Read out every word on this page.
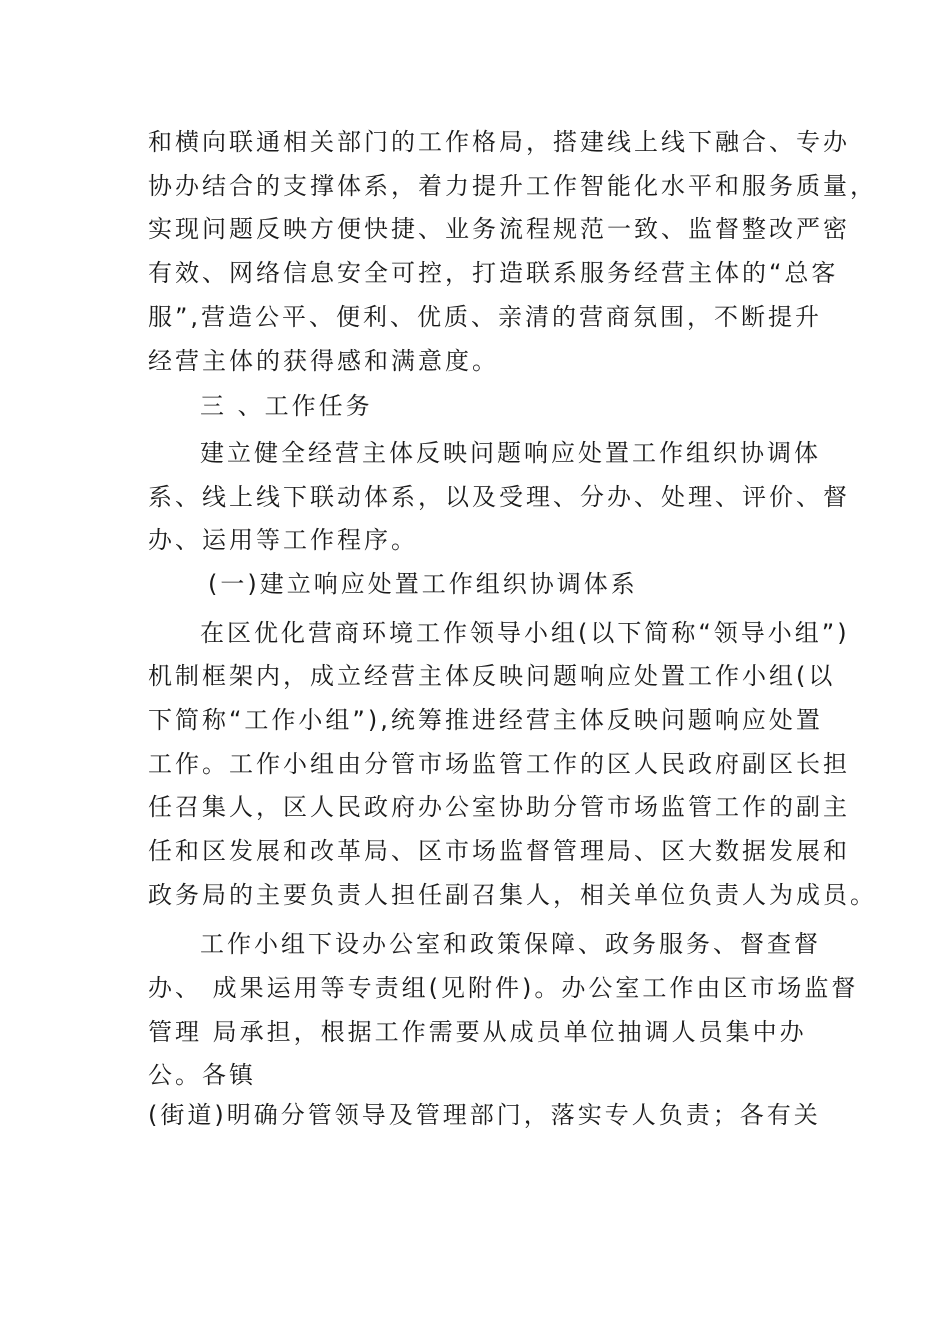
和横向联通相关部门的工作格局，搭建线上线下融合、专办

协办结合的支撑体系，着力提升工作智能化水平和服务质量，

实现问题反映方便快捷、业务流程规范一致、监督整改严密

有效、网络信息安全可控，打造联系服务经营主体的“总客

服”,营造公平、便利、优质、亲清的营商氛围，不断提升

经营主体的获得感和满意度。

三 、工作任务

建立健全经营主体反映问题响应处置工作组织协调体

系、线上线下联动体系，以及受理、分办、处理、评价、督

办、运用等工作程序。

(一)建立响应处置工作组织协调体系

在区优化营商环境工作领导小组(以下简称“领导小组”)

机制框架内，成立经营主体反映问题响应处置工作小组(以

下简称“工作小组”),统筹推进经营主体反映问题响应处置

工作。工作小组由分管市场监管工作的区人民政府副区长担

任召集人，区人民政府办公室协助分管市场监管工作的副主

任和区发展和改革局、区市场监督管理局、区大数据发展和

政务局的主要负责人担任副召集人，相关单位负责人为成员。

工作小组下设办公室和政策保障、政务服务、督查督

办、 成果运用等专责组(见附件)。办公室工作由区市场监督

管理 局承担，根据工作需要从成员单位抽调人员集中办

公。各镇

(街道)明确分管领导及管理部门，落实专人负责；各有关
